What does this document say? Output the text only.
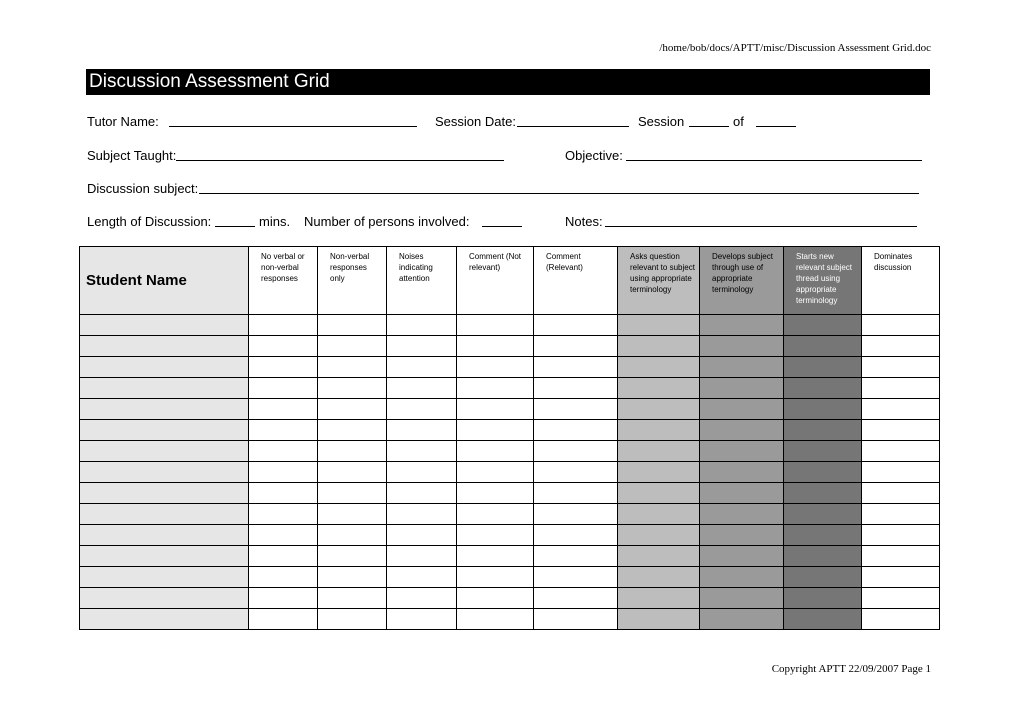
/home/bob/docs/APTT/misc/Discussion Assessment Grid.doc
Discussion Assessment Grid
Tutor Name:	Session Date:	Session	of
Subject Taught:	Objective:
Discussion subject:
Length of Discussion:	mins. Number of persons involved:	Notes:
Student Name	No verbal or non-verbal responses	Non-verbal responses only	Noises indicating attention	Comment (Not relevant)	Comment (Relevant)	Asks question relevant to subject using appropriate terminology	Develops subject through use of appropriate terminology	Starts new relevant subject thread using appropriate terminology	Dominates discussion

Copyright APTT 22/09/2007 Page 1
